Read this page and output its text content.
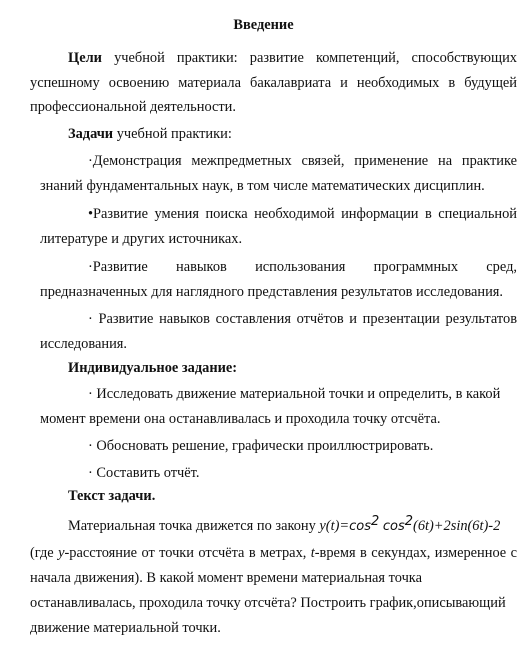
Введение
Цели учебной практики: развитие компетенций, способствующих
успешному освоению материала бакалавриата и необходимых в будущей
профессиональной деятельности.
Задачи учебной практики:
·Демонстрация межпредметных связей, применение на практике
знаний фундаментальных наук, в том числе математических дисциплин.
•Развитие умения поиска необходимой информации в специальной
литературе и других источниках.
·Развитие навыков использования программных сред,
предназначенных для наглядного представления результатов исследования.
· Развитие навыков составления отчётов и презентации результатов
исследования.
Индивидуальное задание:
· Исследовать движение материальной точки и определить, в какой
момент времени она останавливалась и проходила точку отсчёта.
· Обосновать решение, графически проиллюстрировать.
· Составить отчёт.
Текст задачи.
Материальная точка движется по закону $y(t)=\cos^2$ $\cos^2(6t)+2\sin(6t)-2$
(где y-расстояние от точки отсчёта в метрах, t-время в секундах, измеренное с
начала движения). В какой момент времени материальная точка
останавливалась, проходила точку отсчёта? Построить график,описывающий
движение материальной точки.
